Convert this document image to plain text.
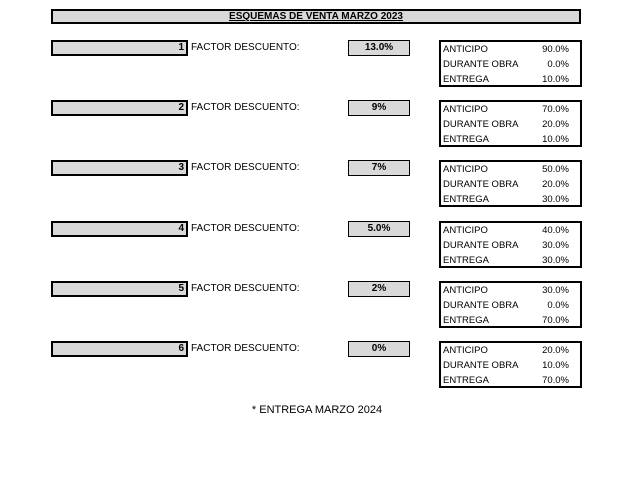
ESQUEMAS DE VENTA MARZO 2023
1 FACTOR DESCUENTO:	13.0%	ANTICIPO	90.0%
DURANTE OBRA	0.0%
ENTREGA	10.0%
2 FACTOR DESCUENTO:	9%	ANTICIPO	70.0%
DURANTE OBRA 20.0%
ENTREGA	10.0%
3 FACTOR DESCUENTO:	7%	ANTICIPO	50.0%
DURANTE OBRA 20.0%
ENTREGA	30.0%
4 FACTOR DESCUENTO:	5.0%	ANTICIPO	40.0%
DURANTE OBRA 30.0%
ENTREGA	30.0%
5 FACTOR DESCUENTO:	2%	ANTICIPO	30.0%
DURANTE OBRA	0.0%
ENTREGA	70.0%
6 FACTOR DESCUENTO:	0%	ANTICIPO	20.0%
DURANTE OBRA 10.0%
ENTREGA	70.0%
* ENTREGA MARZO 2024
